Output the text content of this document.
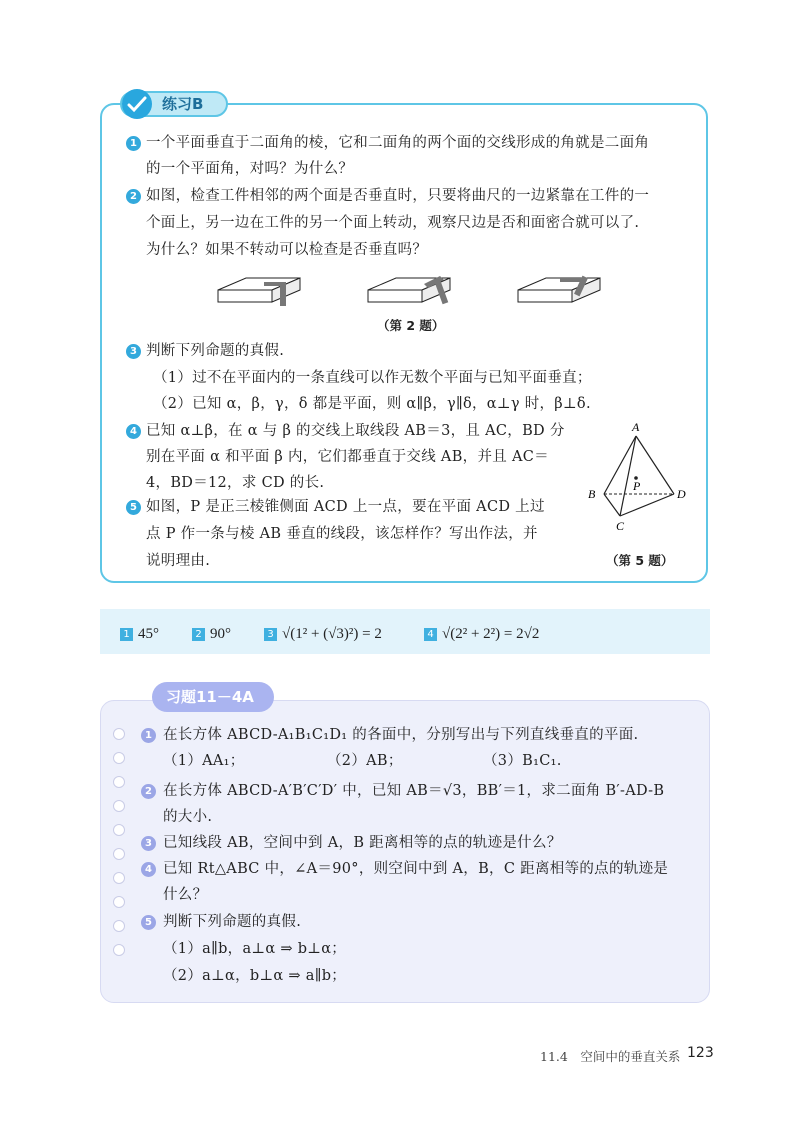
练习B
1 一个平面垂直于二面角的棱，它和二面角的两个面的交线形成的角就是二面角
的一个平面角，对吗？为什么？
2 如图，检查工件相邻的两个面是否垂直时，只要将曲尺的一边紧靠在工件的一
个面上，另一边在工件的另一个面上转动，观察尺边是否和面密合就可以了.
为什么？如果不转动可以检查是否垂直吗？
（第 2 题）
3 判断下列命题的真假.
（1）过不在平面内的一条直线可以作无数个平面与已知平面垂直；
（2）已知 α，β，γ，δ 都是平面，则 α∥β，γ∥δ，α⊥γ 时，β⊥δ.
4 已知 α⊥β，在 α 与 β 的交线上取线段 AB＝3，且 AC，BD 分
别在平面 α 和平面 β 内，它们都垂直于交线 AB，并且 AC＝
4，BD＝12，求 CD 的长.
5 如图，P 是正三棱锥侧面 ACD 上一点，要在平面 ACD 上过
点 P 作一条与棱 AB 垂直的线段，该怎样作？写出作法，并
说明理由.
A
B
C
D
P
（第 5 题）
1 45°	2 90°	3 √(1² + (√3)²) = 2	4 √(2² + 2²) = 2√2
习题11－4A
1 在长方体 ABCD-A₁B₁C₁D₁ 的各面中，分别写出与下列直线垂直的平面.
（1）AA₁；	（2）AB；	（3）B₁C₁.
2 在长方体 ABCD-A′B′C′D′ 中，已知 AB＝√3，BB′＝1，求二面角 B′-AD-B
的大小.
3 已知线段 AB，空间中到 A，B 距离相等的点的轨迹是什么？
4 已知 Rt△ABC 中，∠A＝90°，则空间中到 A，B，C 距离相等的点的轨迹是
什么？
5 判断下列命题的真假.
（1）a∥b，a⊥α ⇒ b⊥α；
（2）a⊥α，b⊥α ⇒ a∥b；
11.4　空间中的垂直关系 123
